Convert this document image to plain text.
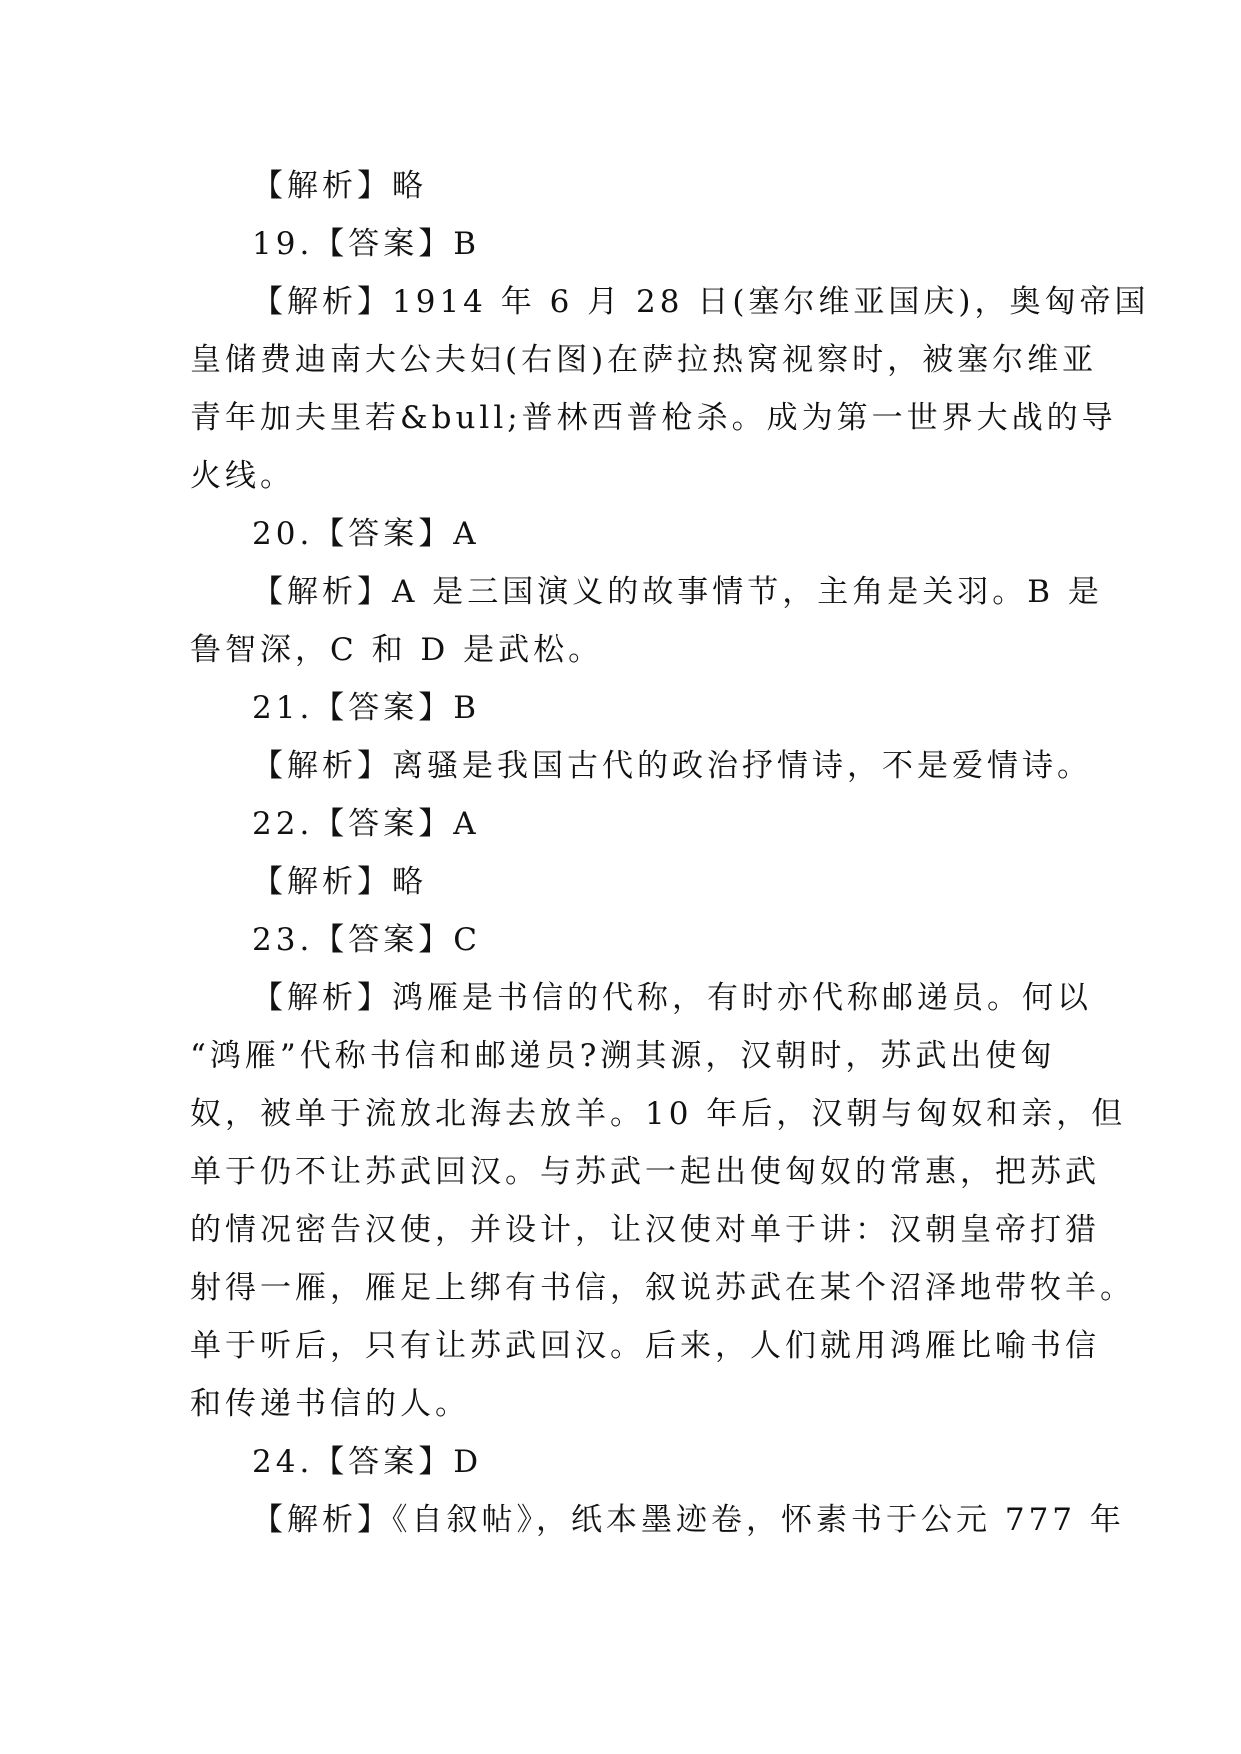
【解析】略
19.【答案】B
【解析】1914 年 6 月 28 日(塞尔维亚国庆)，奥匈帝国
皇储费迪南大公夫妇(右图)在萨拉热窝视察时，被塞尔维亚
青年加夫里若&bull;普林西普枪杀。成为第一世界大战的导
火线。
20.【答案】A
【解析】A 是三国演义的故事情节，主角是关羽。B 是
鲁智深，C 和 D 是武松。
21.【答案】B
【解析】离骚是我国古代的政治抒情诗，不是爱情诗。
22.【答案】A
【解析】略
23.【答案】C
【解析】鸿雁是书信的代称，有时亦代称邮递员。何以
“鸿雁”代称书信和邮递员?溯其源，汉朝时，苏武出使匈
奴，被单于流放北海去放羊。10 年后，汉朝与匈奴和亲，但
单于仍不让苏武回汉。与苏武一起出使匈奴的常惠，把苏武
的情况密告汉使，并设计，让汉使对单于讲：汉朝皇帝打猎
射得一雁，雁足上绑有书信，叙说苏武在某个沼泽地带牧羊。
单于听后，只有让苏武回汉。后来，人们就用鸿雁比喻书信
和传递书信的人。
24.【答案】D
【解析】《自叙帖》，纸本墨迹卷，怀素书于公元 777 年
